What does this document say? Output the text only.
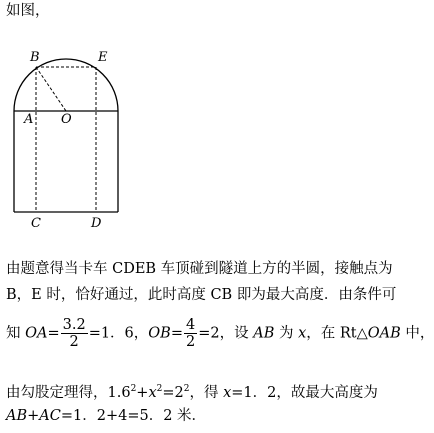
如图，
B	E
A O
C	D
由题意得当卡车 CDEB 车顶碰到隧道上方的半圆，接触点为
B，E 时，恰好通过，此时高度 CB 即为最大高度．由条件可
知 $OA= \frac{3.2}{2} =1$．6，$OB= \frac{4}{2} =2$，设 AB 为 x，在 Rt△OAB 中，
由勾股定理得，$1.6^2+x^2=2^2$，得 x=1．2，故最大高度为
AB+AC=1．2+4=5．2 米．
